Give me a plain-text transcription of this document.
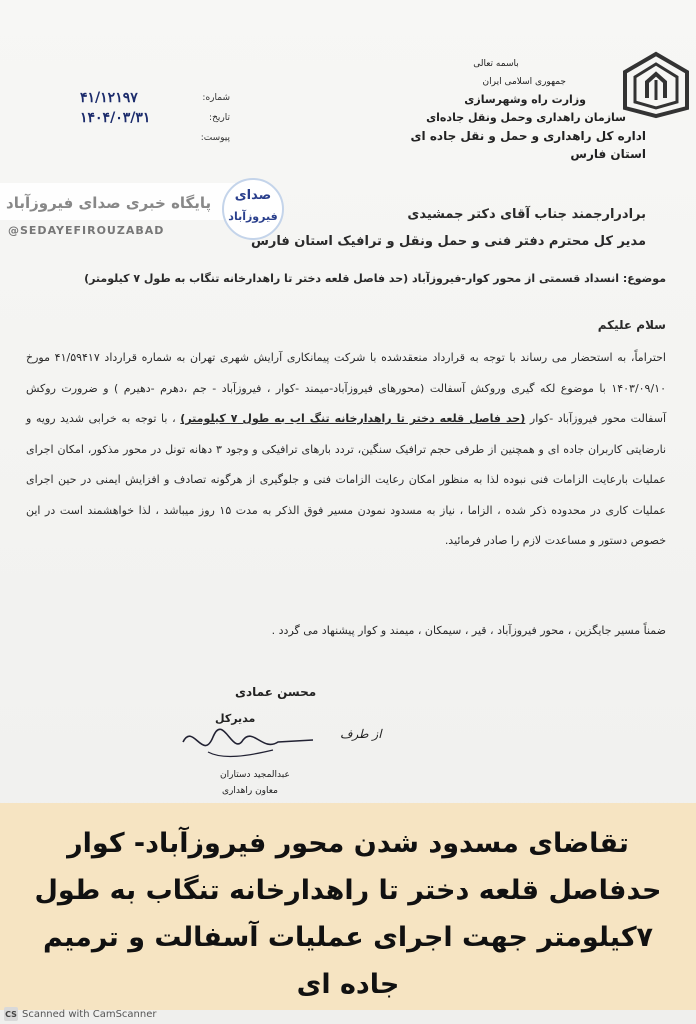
باسمه تعالی
جمهوری اسلامی ایران
وزارت راه وشهرسازی
سازمان راهداری وحمل ونقل جاده‌ای
اداره کل راهداری و حمل و نقل جاده ای استان فارس
شماره:
۴۱/۱۲۱۹۷
تاریخ:
۱۴۰۴/۰۳/۳۱
پیوست:
پایگاه خبری صدای فیروزآباد
@SEDAYEFIROUZABAD
صدای
فیروزآباد	برادرارجمند جناب آقای دکتر جمشیدی
مدیر کل محترم دفتر فنی و حمل ونقل و ترافیک استان فارس
موضوع: انسداد قسمتی از محور کوار-فیروزآباد (حد فاصل قلعه دختر تا راهدارخانه تنگاب به طول ۷ کیلومتر)
سلام علیکم
احتراماً، به استحضار می رساند با توجه به قرارداد منعقدشده با شرکت پیمانکاری آرایش شهری تهران به شماره قرارداد ۴۱/۵۹۴۱۷ مورخ ۱۴۰۳/۰۹/۱۰ با موضوع لکه گیری وروکش آسفالت (محورهای فیروزآباد-میمند -کوار ، فیروزآباد - جم ،دهرم -دهیرم ) و ضرورت روکش آسفالت محور فیروزآباد -کوار (حد فاصل قلعه دختر تا راهدارخانه تنگ اب به طول ۷ کیلومتر) ، با توجه به خرابی شدید رویه و نارضایتی کاربران جاده ای و همچنین از طرفی حجم ترافیک سنگین، تردد بارهای ترافیکی و وجود ۳ دهانه تونل در محور مذکور، امکان اجرای عملیات بارعایت الزامات فنی نبوده لذا به منظور امکان رعایت الزامات فنی و جلوگیری از هرگونه تصادف و افزایش ایمنی در حین اجرای عملیات کاری در محدوده ذکر شده ، الزاما ، نیاز به مسدود نمودن مسیر فوق الذکر به مدت ۱۵ روز میباشد ، لذا خواهشمند است در این خصوص دستور و مساعدت لازم را صادر فرمائید.
ضمناً مسیر جایگزین ، محور فیروزآباد ، قیر ، سیمکان ، میمند و کوار پیشنهاد می گردد .
محسن عمادی
مدیرکل
از طرف
عبدالمجید دستاران
معاون راهداری
تقاضای مسدود شدن محور فیروزآباد- کوار حدفاصل قلعه دختر تا راهدارخانه تنگاب به طول ۷کیلومتر جهت اجرای عملیات آسفالت و ترمیم جاده ای
CS Scanned with CamScanner
